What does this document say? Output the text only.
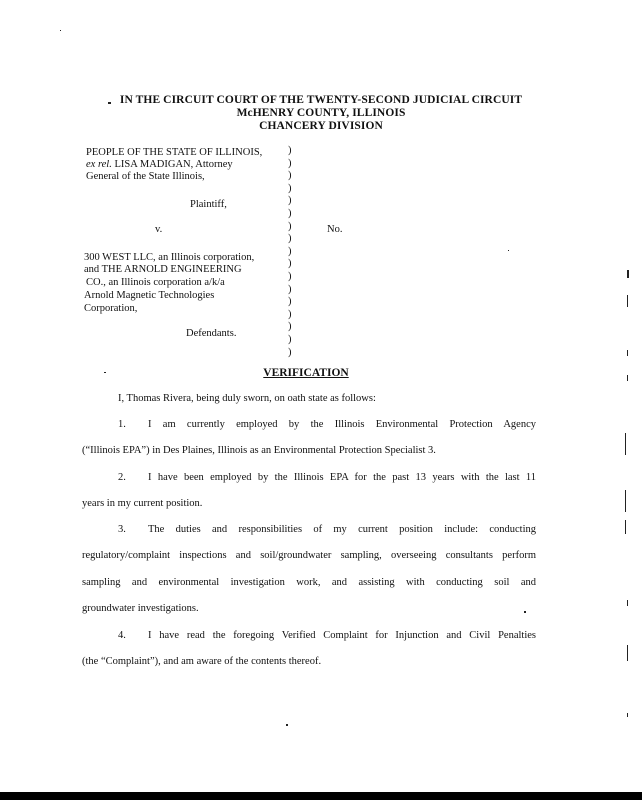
IN THE CIRCUIT COURT OF THE TWENTY-SECOND JUDICIAL CIRCUIT
McHENRY COUNTY, ILLINOIS
CHANCERY DIVISION
PEOPLE OF THE STATE OF ILLINOIS,
ex rel. LISA MADIGAN, Attorney
General of the State Illinois,
Plaintiff,
v.	No.
300 WEST LLC, an Illinois corporation,
and THE ARNOLD ENGINEERING
CO., an Illinois corporation a/k/a
Arnold Magnetic Technologies
Corporation,
Defendants.
)
)
)
)
)
)
)
)
)
)
)
)
)
)
)
)
)
VERIFICATION
I, Thomas Rivera, being duly sworn, on oath state as follows:
1. I am currently employed by the Illinois Environmental Protection Agency
(“Illinois EPA”) in Des Plaines, Illinois as an Environmental Protection Specialist 3.
2. I have been employed by the Illinois EPA for the past 13 years with the last 11
years in my current position.
3. The duties and responsibilities of my current position include: conducting
regulatory/complaint inspections and soil/groundwater sampling, overseeing consultants perform
sampling and environmental investigation work, and assisting with conducting soil and
groundwater investigations.
4. I have read the foregoing Verified Complaint for Injunction and Civil Penalties
(the “Complaint”), and am aware of the contents thereof.
